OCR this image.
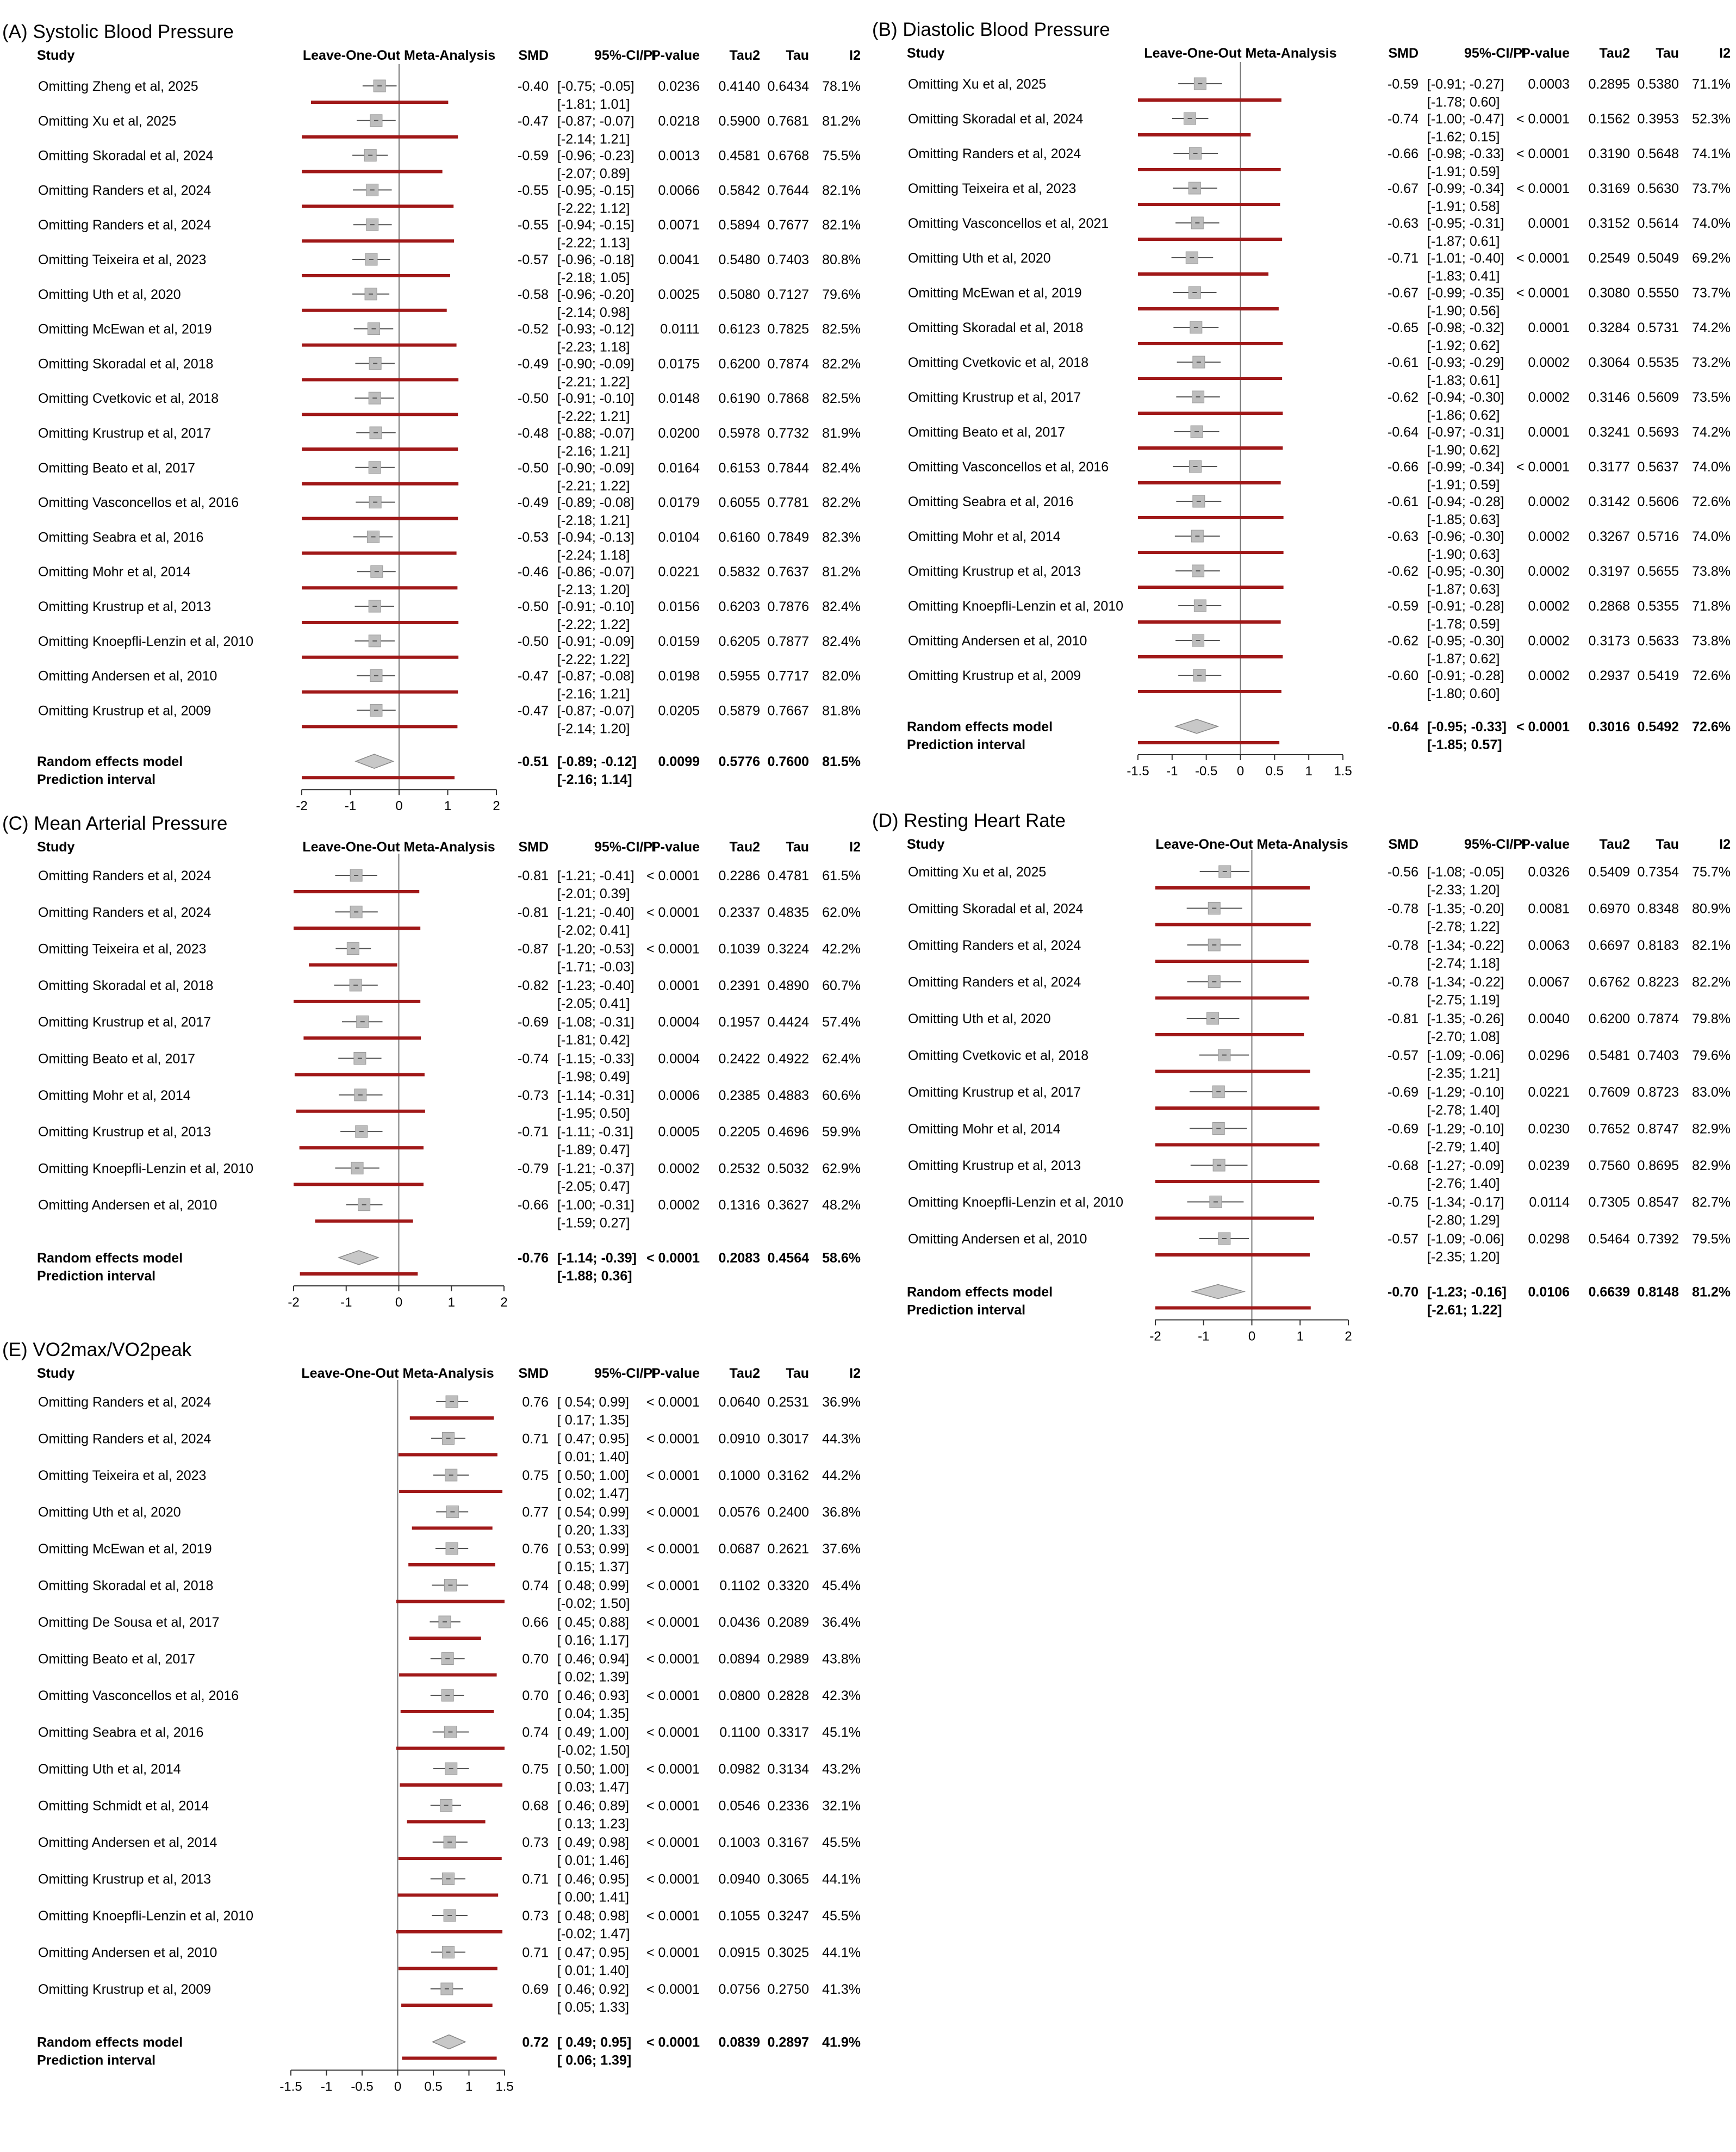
(A) Systolic Blood Pressure
Study	Leave-One-Out Meta-Analysis SMD	95%-CI/PI
P-value Tau2 Tau	I2
Omitting Zheng et al, 2025	-0.40 [-0.75; -0.05]
[-1.81; 1.01]
0.0236 0.4140 0.6434 78.1%
Omitting Xu et al, 2025	-0.47 [-0.87; -0.07]
[-2.14; 1.21]
0.0218 0.5900 0.7681 81.2%
Omitting Skoradal et al, 2024	-0.59 [-0.96; -0.23]
[-2.07; 0.89]
0.0013 0.4581 0.6768 75.5%
Omitting Randers et al, 2024	-0.55 [-0.95; -0.15]
[-2.22; 1.12]
0.0066 0.5842 0.7644 82.1%
Omitting Randers et al, 2024	-0.55 [-0.94; -0.15]
[-2.22; 1.13]
0.0071 0.5894 0.7677 82.1%
Omitting Teixeira et al, 2023	-0.57 [-0.96; -0.18]
[-2.18; 1.05]
0.0041 0.5480 0.7403 80.8%
Omitting Uth et al, 2020	-0.58 [-0.96; -0.20]
[-2.14; 0.98]
0.0025 0.5080 0.7127 79.6%
Omitting McEwan et al, 2019	-0.52 [-0.93; -0.12]
[-2.23; 1.18]
0.0111 0.6123 0.7825 82.5%
Omitting Skoradal et al, 2018	-0.49 [-0.90; -0.09]
[-2.21; 1.22]
0.0175 0.6200 0.7874 82.2%
Omitting Cvetkovic et al, 2018	-0.50 [-0.91; -0.10]
[-2.22; 1.21]
0.0148 0.6190 0.7868 82.5%
Omitting Krustrup et al, 2017	-0.48 [-0.88; -0.07]
[-2.16; 1.21]
0.0200 0.5978 0.7732 81.9%
Omitting Beato et al, 2017	-0.50 [-0.90; -0.09]
[-2.21; 1.22]
0.0164 0.6153 0.7844 82.4%
Omitting Vasconcellos et al, 2016	-0.49 [-0.89; -0.08]
[-2.18; 1.21]
0.0179 0.6055 0.7781 82.2%
Omitting Seabra et al, 2016	-0.53 [-0.94; -0.13]
[-2.24; 1.18]
0.0104 0.6160 0.7849 82.3%
Omitting Mohr et al, 2014	-0.46 [-0.86; -0.07]
[-2.13; 1.20]
0.0221 0.5832 0.7637 81.2%
Omitting Krustrup et al, 2013	-0.50 [-0.91; -0.10]
[-2.22; 1.22]
0.0156 0.6203 0.7876 82.4%
Omitting Knoepfli-Lenzin et al, 2010	-0.50 [-0.91; -0.09]
[-2.22; 1.22]
0.0159 0.6205 0.7877 82.4%
Omitting Andersen et al, 2010	-0.47 [-0.87; -0.08]
[-2.16; 1.21]
0.0198 0.5955 0.7717 82.0%
Omitting Krustrup et al, 2009	-0.47 [-0.87; -0.07]
[-2.14; 1.20]
0.0205 0.5879 0.7667 81.8%
Random effects model
Prediction interval
-0.51 [-0.89; -0.12]
[-2.16; 1.14]
0.0099 0.5776 0.7600 81.5%
-2	-1	0	1	2
(B) Diastolic Blood Pressure
Study	Leave-One-Out Meta-Analysis	SMD	95%-CI/PI
P-value Tau2 Tau	I2
Omitting Xu et al, 2025	-0.59 [-0.91; -0.27]
[-1.78; 0.60]
0.0003 0.2895 0.5380 71.1%
Omitting Skoradal et al, 2024	-0.74 [-1.00; -0.47]
[-1.62; 0.15]
< 0.0001 0.1562 0.3953 52.3%
Omitting Randers et al, 2024	-0.66 [-0.98; -0.33]
[-1.91; 0.59]
< 0.0001 0.3190 0.5648 74.1%
Omitting Teixeira et al, 2023	-0.67 [-0.99; -0.34]
[-1.91; 0.58]
< 0.0001 0.3169 0.5630 73.7%
Omitting Vasconcellos et al, 2021	-0.63 [-0.95; -0.31]
[-1.87; 0.61]
0.0001 0.3152 0.5614 74.0%
Omitting Uth et al, 2020	-0.71 [-1.01; -0.40]
[-1.83; 0.41]
< 0.0001 0.2549 0.5049 69.2%
Omitting McEwan et al, 2019	-0.67 [-0.99; -0.35]
[-1.90; 0.56]
< 0.0001 0.3080 0.5550 73.7%
Omitting Skoradal et al, 2018	-0.65 [-0.98; -0.32]
[-1.92; 0.62]
0.0001 0.3284 0.5731 74.2%
Omitting Cvetkovic et al, 2018	-0.61 [-0.93; -0.29]
[-1.83; 0.61]
0.0002 0.3064 0.5535 73.2%
Omitting Krustrup et al, 2017	-0.62 [-0.94; -0.30]
[-1.86; 0.62]
0.0002 0.3146 0.5609 73.5%
Omitting Beato et al, 2017	-0.64 [-0.97; -0.31]
[-1.90; 0.62]
0.0001 0.3241 0.5693 74.2%
Omitting Vasconcellos et al, 2016	-0.66 [-0.99; -0.34]
[-1.91; 0.59]
< 0.0001 0.3177 0.5637 74.0%
Omitting Seabra et al, 2016	-0.61 [-0.94; -0.28]
[-1.85; 0.63]
0.0002 0.3142 0.5606 72.6%
Omitting Mohr et al, 2014	-0.63 [-0.96; -0.30]
[-1.90; 0.63]
0.0002 0.3267 0.5716 74.0%
Omitting Krustrup et al, 2013	-0.62 [-0.95; -0.30]
[-1.87; 0.63]
0.0002 0.3197 0.5655 73.8%
Omitting Knoepfli-Lenzin et al, 2010	-0.59 [-0.91; -0.28]
[-1.78; 0.59]
0.0002 0.2868 0.5355 71.8%
Omitting Andersen et al, 2010	-0.62 [-0.95; -0.30]
[-1.87; 0.62]
0.0002 0.3173 0.5633 73.8%
Omitting Krustrup et al, 2009	-0.60 [-0.91; -0.28]
[-1.80; 0.60]
0.0002 0.2937 0.5419 72.6%
Random effects model
Prediction interval
-0.64 [-0.95; -0.33]
[-1.85; 0.57]
< 0.0001 0.3016 0.5492 72.6%
-1.5 -1 -0.5 0 0.5 1 1.5
(C) Mean Arterial Pressure
Study	Leave-One-Out Meta-Analysis SMD	95%-CI/PI
P-value Tau2 Tau	I2
Omitting Randers et al, 2024	-0.81 [-1.21; -0.41]
[-2.01; 0.39]
< 0.0001 0.2286 0.4781 61.5%
Omitting Randers et al, 2024	-0.81 [-1.21; -0.40]
[-2.02; 0.41]
< 0.0001 0.2337 0.4835 62.0%
Omitting Teixeira et al, 2023	-0.87 [-1.20; -0.53]
[-1.71; -0.03]
< 0.0001 0.1039 0.3224 42.2%
Omitting Skoradal et al, 2018	-0.82 [-1.23; -0.40]
[-2.05; 0.41]
0.0001 0.2391 0.4890 60.7%
Omitting Krustrup et al, 2017	-0.69 [-1.08; -0.31]
[-1.81; 0.42]
0.0004 0.1957 0.4424 57.4%
Omitting Beato et al, 2017	-0.74 [-1.15; -0.33]
[-1.98; 0.49]
0.0004 0.2422 0.4922 62.4%
Omitting Mohr et al, 2014	-0.73 [-1.14; -0.31]
[-1.95; 0.50]
0.0006 0.2385 0.4883 60.6%
Omitting Krustrup et al, 2013	-0.71 [-1.11; -0.31]
[-1.89; 0.47]
0.0005 0.2205 0.4696 59.9%
Omitting Knoepfli-Lenzin et al, 2010	-0.79 [-1.21; -0.37]
[-2.05; 0.47]
0.0002 0.2532 0.5032 62.9%
Omitting Andersen et al, 2010	-0.66 [-1.00; -0.31]
[-1.59; 0.27]
0.0002 0.1316 0.3627 48.2%
Random effects model
Prediction interval
-0.76 [-1.14; -0.39]
[-1.88; 0.36]
< 0.0001 0.2083 0.4564 58.6%
-2	-1	0	1	2
(D) Resting Heart Rate
Study	Leave-One-Out Meta-Analysis	SMD	95%-CI/PI
P-value Tau2 Tau	I2
Omitting Xu et al, 2025	-0.56 [-1.08; -0.05]
[-2.33; 1.20]
0.0326 0.5409 0.7354 75.7%
Omitting Skoradal et al, 2024	-0.78 [-1.35; -0.20]
[-2.78; 1.22]
0.0081 0.6970 0.8348 80.9%
Omitting Randers et al, 2024	-0.78 [-1.34; -0.22]
[-2.74; 1.18]
0.0063 0.6697 0.8183 82.1%
Omitting Randers et al, 2024	-0.78 [-1.34; -0.22]
[-2.75; 1.19]
0.0067 0.6762 0.8223 82.2%
Omitting Uth et al, 2020	-0.81 [-1.35; -0.26]
[-2.70; 1.08]
0.0040 0.6200 0.7874 79.8%
Omitting Cvetkovic et al, 2018	-0.57 [-1.09; -0.06]
[-2.35; 1.21]
0.0296 0.5481 0.7403 79.6%
Omitting Krustrup et al, 2017	-0.69 [-1.29; -0.10]
[-2.78; 1.40]
0.0221 0.7609 0.8723 83.0%
Omitting Mohr et al, 2014	-0.69 [-1.29; -0.10]
[-2.79; 1.40]
0.0230 0.7652 0.8747 82.9%
Omitting Krustrup et al, 2013	-0.68 [-1.27; -0.09]
[-2.76; 1.40]
0.0239 0.7560 0.8695 82.9%
Omitting Knoepfli-Lenzin et al, 2010	-0.75 [-1.34; -0.17]
[-2.80; 1.29]
0.0114 0.7305 0.8547 82.7%
Omitting Andersen et al, 2010	-0.57 [-1.09; -0.06]
[-2.35; 1.20]
0.0298 0.5464 0.7392 79.5%
Random effects model
Prediction interval
-0.70 [-1.23; -0.16]
[-2.61; 1.22]
0.0106 0.6639 0.8148 81.2%
-2	-1	0	1	2
(E) VO2max/VO2peak
Study	Leave-One-Out Meta-Analysis SMD	95%-CI/PI
P-value Tau2 Tau	I2
Omitting Randers et al, 2024	0.76 [ 0.54; 0.99]
[ 0.17; 1.35]
< 0.0001 0.0640 0.2531 36.9%
Omitting Randers et al, 2024	0.71 [ 0.47; 0.95]
[ 0.01; 1.40]
< 0.0001 0.0910 0.3017 44.3%
Omitting Teixeira et al, 2023	0.75 [ 0.50; 1.00]
[ 0.02; 1.47]
< 0.0001 0.1000 0.3162 44.2%
Omitting Uth et al, 2020	0.77 [ 0.54; 0.99]
[ 0.20; 1.33]
< 0.0001 0.0576 0.2400 36.8%
Omitting McEwan et al, 2019	0.76 [ 0.53; 0.99]
[ 0.15; 1.37]
< 0.0001 0.0687 0.2621 37.6%
Omitting Skoradal et al, 2018	0.74 [ 0.48; 0.99]
[-0.02; 1.50]
< 0.0001 0.1102 0.3320 45.4%
Omitting De Sousa et al, 2017	0.66 [ 0.45; 0.88]
[ 0.16; 1.17]
< 0.0001 0.0436 0.2089 36.4%
Omitting Beato et al, 2017	0.70 [ 0.46; 0.94]
[ 0.02; 1.39]
< 0.0001 0.0894 0.2989 43.8%
Omitting Vasconcellos et al, 2016	0.70 [ 0.46; 0.93]
[ 0.04; 1.35]
< 0.0001 0.0800 0.2828 42.3%
Omitting Seabra et al, 2016	0.74 [ 0.49; 1.00]
[-0.02; 1.50]
< 0.0001 0.1100 0.3317 45.1%
Omitting Uth et al, 2014	0.75 [ 0.50; 1.00]
[ 0.03; 1.47]
< 0.0001 0.0982 0.3134 43.2%
Omitting Schmidt et al, 2014	0.68 [ 0.46; 0.89]
[ 0.13; 1.23]
< 0.0001 0.0546 0.2336 32.1%
Omitting Andersen et al, 2014	0.73 [ 0.49; 0.98]
[ 0.01; 1.46]
< 0.0001 0.1003 0.3167 45.5%
Omitting Krustrup et al, 2013	0.71 [ 0.46; 0.95]
[ 0.00; 1.41]
< 0.0001 0.0940 0.3065 44.1%
Omitting Knoepfli-Lenzin et al, 2010	0.73 [ 0.48; 0.98]
[-0.02; 1.47]
< 0.0001 0.1055 0.3247 45.5%
Omitting Andersen et al, 2010	0.71 [ 0.47; 0.95]
[ 0.01; 1.40]
< 0.0001 0.0915 0.3025 44.1%
Omitting Krustrup et al, 2009	0.69 [ 0.46; 0.92]
[ 0.05; 1.33]
< 0.0001 0.0756 0.2750 41.3%
Random effects model
Prediction interval
0.72 [ 0.49; 0.95]
[ 0.06; 1.39]
< 0.0001 0.0839 0.2897 41.9%
-1.5 -1 -0.5 0 0.5 1 1.5
